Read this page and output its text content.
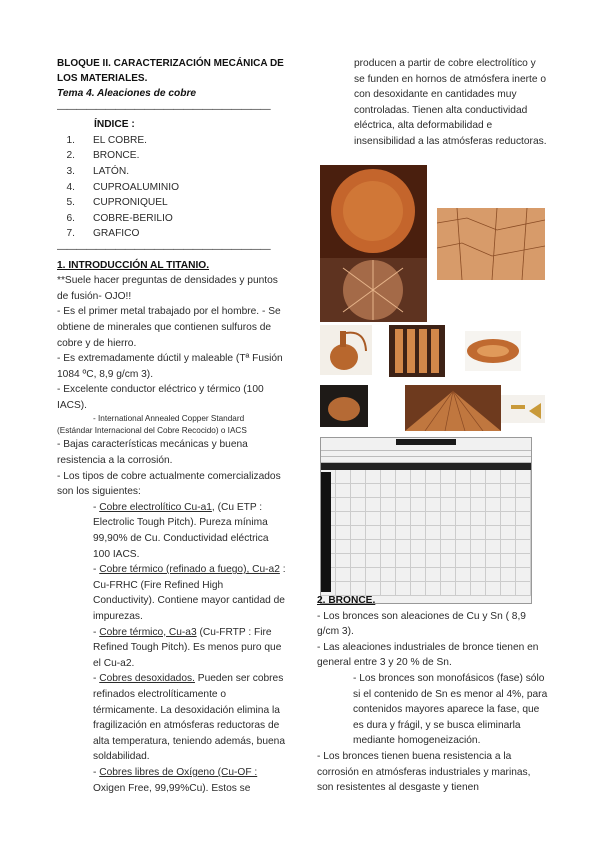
BLOQUE II. CARACTERIZACIÓN MECÁNICA DE
LOS MATERIALES.
Tema 4. Aleaciones de cobre
——————————————————————
ÍNDICE :
1.	EL COBRE.
2.	BRONCE.
3.	LATÓN.
4.	CUPROALUMINIO
5.	CUPRONIQUEL
6.	COBRE-BERILIO
7.	GRAFICO
——————————————————————
1. INTRODUCCIÓN AL TITANIO.

**Suele hacer preguntas de densidades y puntos de fusión- OJO!!

- Es el primer metal trabajado por el hombre. - Se obtiene de minerales que contienen sulfuros de cobre y de hierro.

- Es extremadamente dúctil y maleable (Tª Fusión 1084 ºC, 8,9 g/cm 3).

- Excelente conductor eléctrico y térmico (100 IACS).

- International Annealed Copper Standard

(Estándar Internacional del Cobre Recocido) o IACS

- Bajas características mecánicas y buena resistencia a la corrosión.

- Los tipos de cobre actualmente comercializados son los siguientes:

- Cobre electrolítico Cu-a1, (Cu ETP : Electrolic Tough Pitch). Pureza mínima 99,90% de Cu. Conductividad eléctrica 100 IACS.

- Cobre térmico (refinado a fuego), Cu-a2 : Cu-FRHC (Fire Refined High Conductivity). Contiene mayor cantidad de impurezas.

- Cobre térmico, Cu-a3 (Cu-FRTP : Fire Refined Tough Pitch). Es menos puro que el Cu-a2.

- Cobres desoxidados. Pueden ser cobres refinados electrolíticamente o térmicamente. La desoxidación elimina la fragilización en atmósferas reductoras de alta temperatura, teniendo además, buena soldabilidad.

- Cobres libres de Oxígeno (Cu-OF : Oxigen Free, 99,99%Cu). Estos se

producen a partir de cobre electrolítico y se funden en hornos de atmósfera inerte o con desoxidante en cantidades muy controladas. Tienen alta conductividad eléctrica, alta deformabilidad e insensibilidad a las atmósferas reductoras.

2. BRONCE.

- Los bronces son aleaciones de Cu y Sn ( 8,9 g/cm 3).

- Las aleaciones industriales de bronce tienen en general entre 3 y 20 % de Sn.

- Los bronces son monofásicos (fase) sólo si el contenido de Sn es menor al 4%, para contenidos mayores aparece la fase, que es dura y frágil, y se busca eliminarla mediante homogeneización.

- Los bronces tienen buena resistencia a la corrosión en atmósferas industriales y marinas, son resistentes al desgaste y tienen
